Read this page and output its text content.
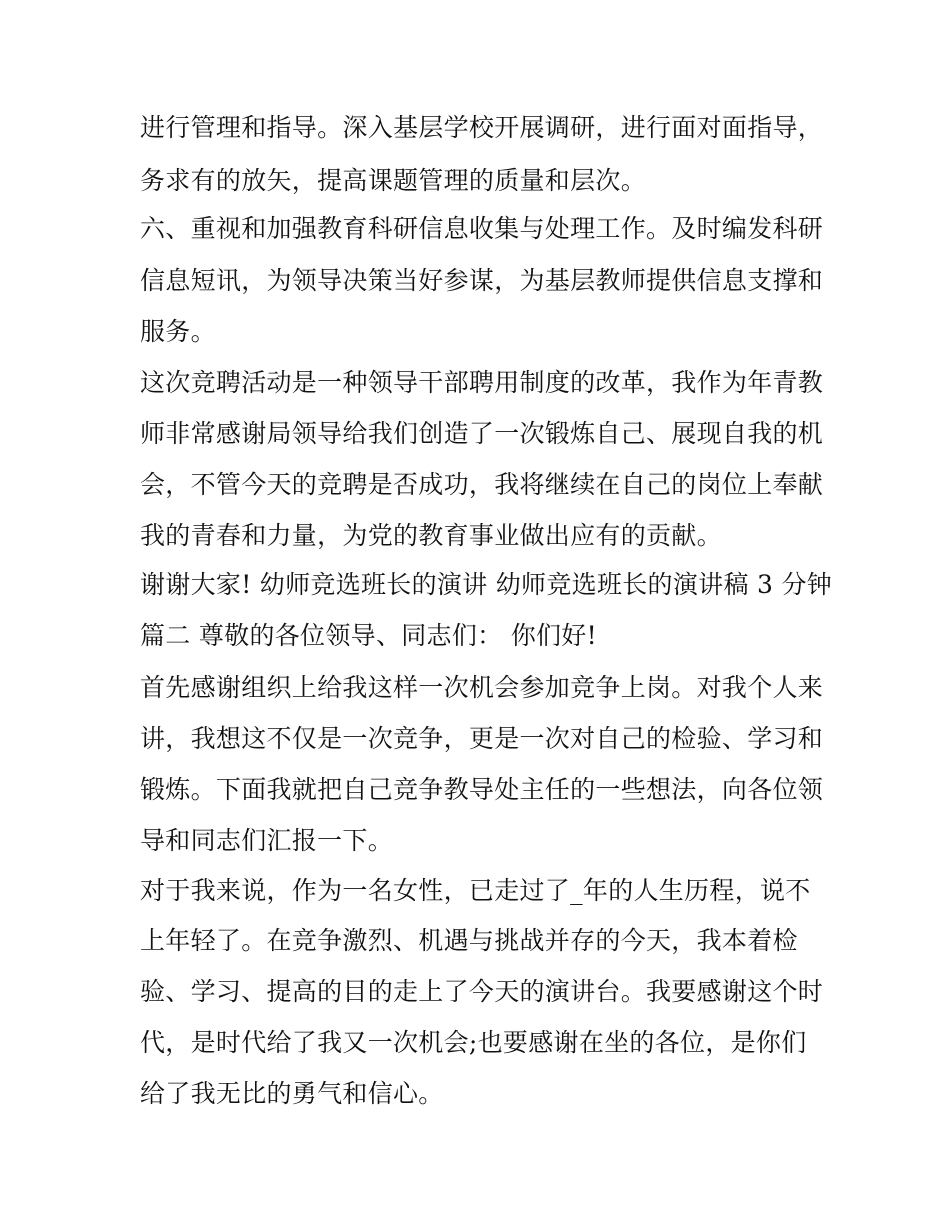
进行管理和指导。深入基层学校开展调研，进行面对面指导，
务求有的放矢，提高课题管理的质量和层次。
六、重视和加强教育科研信息收集与处理工作。及时编发科研
信息短讯，为领导决策当好参谋，为基层教师提供信息支撑和
服务。
这次竞聘活动是一种领导干部聘用制度的改革，我作为年青教
师非常感谢局领导给我们创造了一次锻炼自己、展现自我的机
会，不管今天的竞聘是否成功，我将继续在自己的岗位上奉献
我的青春和力量，为党的教育事业做出应有的贡献。
谢谢大家! 幼师竞选班长的演讲 幼师竞选班长的演讲稿 3 分钟
篇二 尊敬的各位领导、同志们： 你们好!
首先感谢组织上给我这样一次机会参加竞争上岗。对我个人来
讲，我想这不仅是一次竞争，更是一次对自己的检验、学习和
锻炼。下面我就把自己竞争教导处主任的一些想法，向各位领
导和同志们汇报一下。
对于我来说，作为一名女性，已走过了_年的人生历程，说不
上年轻了。在竞争激烈、机遇与挑战并存的今天，我本着检
验、学习、提高的目的走上了今天的演讲台。我要感谢这个时
代，是时代给了我又一次机会;也要感谢在坐的各位，是你们
给了我无比的勇气和信心。
